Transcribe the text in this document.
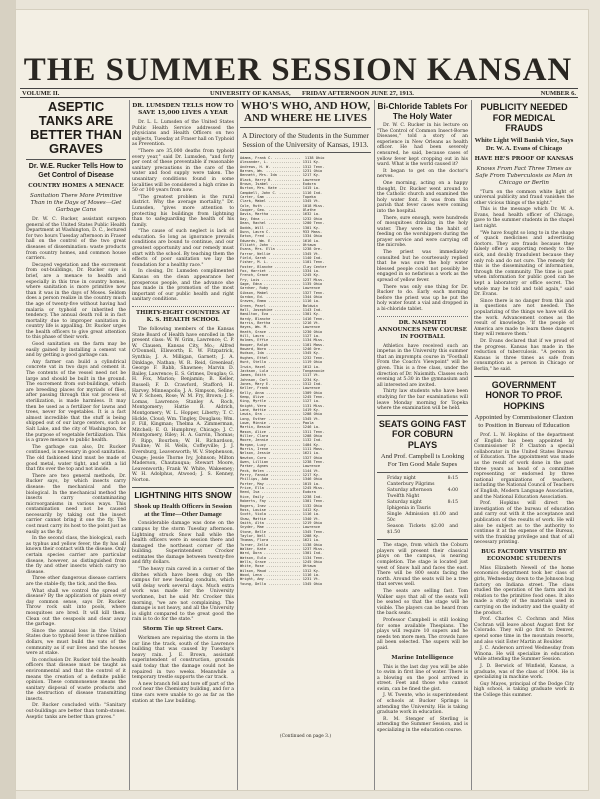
THE SUMMER SESSION KANSAN
VOLUME II.	UNIVERSITY OF KANSAS, FRIDAY AFTERNOON JUNE 27, 1913.	NUMBER 6.
ASEPTIC TANKS ARE BETTER THAN GRAVES
Dr. W.E. Rucker Tells How to Get Control of Disease
COUNTRY HOMES A MENACE
Sanitation There More Primitive Than in the Days of Moses—Get Garbage Cans

Dr. W. C. Rucker, assistant surgeon general of the United States Public Health Department at Washington, D. C., lectured for two hours Tuesday afternoon in Fraser hall on the control of the two great diseases of dissemination: waste products from country homes, and common house carriers.

Decayed vegetation and the excrement from out-buildings, Dr. Rucker says is brief, are a menace to health and especially in this true in country homes, where sanitation is more primitive now than it was in the days of Moses. Seldom does a person realize in the country much the age of twenty-five without having had malaria or typhoid or inherited the tendency. The annual death roll is in fact mortality due to improper sanitation in country life is appalling. Dr. Rucker urges the health officers to give great attention to this phase of their work.

Good sanitation on the farm may be easily gained by installing a cement vat and by getting a good garbage can.

Any farmer can build a cylindrical concrete vat in two days and cement it. The contents of the vessel need not be large and should be built in the ground. The excrement from out-buildings, which are breeding places for myriads of flies, after passing through this vat process of sterilization, is made harmless. It may then be used as a fertilizer for lawns and trees, never for vegetables. It is a fact almost incredible that the stuff is being shipped out of our large centers, such as Salt Lake, and the city of Washington, for the purpose of vegetable fertilization. This is a grave menace to public health.

The garbage can also, Dr. Rucker continued, is necessary in good sanitation. The old fashioned kind must be made of good metal, water tight, and with a lid that fits over the top and not inside.

There are two general methods, Dr. Rucker says, by which insects carry disease: the mechanical and the biological. In the mechanical method the insects carry contaminating microorganisms in various ways. This contamination need not be caused necessarily by taking out the insect carrier cannot bring it one the fly. The cost must carry its host to the point just as easily as the fly.

In the second class, the biological, such as typhus and yellow fever, the fly has all known their contact with the disease. Only certain species carrier are particular disease, however, as distinguished from the fly and other insects which carry no disease.

Three other dangerous disease carriers are the stable-fly, the tick, and the flea.

What shall we control the spread of disease? By the application of plain every day common sense, says Dr. Rucker. Throw rock salt into pools, where mosquitoes are bred. It will kill them. Clean out the cesspools and clear away the garbage.

Since the annual loss in the United States due to typhoid fever is three million dollars, we must build the vats of the community as if our lives and the houses were at stake.

In conclusion Dr. Rucker told the health officers that disease must be taught as environmental and that the control of it means the creation of a definite public opinion. These commonsense means the sanitary disposal of waste products and the destruction of disease transmitting insects.

Dr. Rucker concluded with: "Sanitary out-buildings are better than tomb-stones. Aseptic tanks are better than graves."

DR. LUMSDEN TELLS HOW TO SAVE 15,000 LIVES A YEAR

Dr. L. L. Lumsden of the United States Public Health Service addressed the physicians and Health Officers on two subjects, Tuesday at Fraser hall on Typhoid as Prevention.

"There are 35,000 deaths from typhoid every year," said Dr. Lumsden, "and forty per cent of these preventable if reasonable sanitary precautions in the care of the water and food supply were taken. The unsanitary conditions found in some localities will be considered a high crime in 50 or 100 years from now.

"The greatest problem is the rural district. Why the average mortality," Dr. Lumsden, "gives more attention to protecting his buildings from lightning than to safeguarding the health of his family.

"The cause of such neglect is lack of education. So long as ignorance prevails conditions are bound to continue, and our greatest opportunity and our remedy must start with the school. By teaching them the effects of poor sanitation we lay the foundation for a healthy race."

In closing, Dr. Lumsden complimented Kansas on the clean appearance her prosperous people, and the advance she has made in the promotion of the most important of our public health and right sanitary conditions.

THIRTY-EIGHT COUNTIES AT K. S. HEALTH SCHOOL

The following members of the Kansas State Board of Health have enrolled in the present class: W. W. Grim, Lawrence; C. P. W. Clausen, Kansas City, Mo.; Alfred O'Donnell, Ellsworth; E. W. Fitzpatrick, Synthia; J. A. Milligan, Garnett; J. A. Dinklage, Nathan; W. R. Reid, Greenleaf; George F. Rabb, Shawnee; Marvin D. Bailey, Lawrence; E. S. Grimes, Douglas; G. H. Fox, Marion; Benjamin; B. Keller, Russell; F. D. Crawford, Stafford; H. Harvey, Minneapolis; J. A. Simpson, Seline; W. F. Schoen, Rose; W. M. Fry, Brown; J. S. Lomas, Lawrence; Stanley A. Roch, Montgomery; Hattie B. Aldrich, Montgomery; W. L. Hopper, Liberty; T. C. Hickle, Cloud; Wm. Tingley, Douglass; Wm. F. Fill, Kingman; Thelma A. Zimmerman, Mitchell; E. O. Humphrey, Chicago; J. C. Montgomery, Riley; H. A. Garvin, Thomas; F. Ripp, Bourbon; W. H. Richardson, Pauline; W. H. Wells, Coffeyville; J. J. Eversburg, Leavenworth; W. V. Stephenson, Osage; Jessie Thorne Ivy, Johnson; Milton Maderson, Chautauqua; Stewart Moore, Leavenworth; Frank W. White, Wakeeney; W. H. Adolphus, Atwood; J. S. Kenney, Norton.

LIGHTNING HITS SNOW
Shook up Health Officers in Session at the Time—Other Damage

Considerable damage was done on the campus by the storm Tuesday afternoon. Lightning struck Snow hall while the health officers were in session there and damaged the northeast corner of the building. Superintendent Crocker estimates the damage between twenty-five and fifty dollars.

"The heavy rain caved in a corner of the ditches which have been dug on the campus for new heating conduits, which will delay work several days. Much extra work was made for the University workmen, but he said Mr. Crocker this morning, "we are not complaining. The damage is not heavy, and all the University is slight compared to the great good the rain is to do for the state."

Storm Tie up Street Cars.

Workmen are repairing the storm in the car line the track, south of the Lawrence building that was caused by Tuesday's heavy rain. J. E. Brown, assistant superintendent of construction, grounds said today that the damage could not be repaired in two weeks. Meanwhile a temporary trestle supports the car track.

A new branch fell and tore off part of the roof near the Chemistry building, and for a time cars were unable to go as far as the station at the Law building.

WHO'S WHO, AND HOW, AND WHERE HE LIVES
A Directory of the Students in the Summer Session of the University of Kansas, 1913.
Adams, Frank C. ............  1138 Ohio
Alexander, L. .............. 1311 Ky.
Andrews, H. W. ............. 1312 Tenn.
Barnes, Wm. ................ 1231 Ohio
Bennett, Mrs. Ida .......... 1217 Ky.
Black, Harry B. ............ Lawrence
Brown, Isabel .............. Eudora
Burton, Mrs. Kate .......... 1415 La.
Campbell, John C. .......... 1116 Ind.
Carter, Sam ................ Topeka
Clark, Mabel ............... 1345 Vt.
Cole, Ruth ................. 1018 Miss.
Cooper, Geo. ............... Olathe
Davis, Martha .............. 1632 La.
Day, Edna .................. 1232 Ohio
Dean, Rachel ............... 1200 Tenn.
Dodds, Will ................ 1301 Ky.
Dunn, Laura C. ............. 933 Mass.
Eaton, Fred ................ 1334 Ohio
Edwards, Wm. E. ............ 1616 La.
Elliott, John .............. Ottawa
Evans, Mrs. Ella ........... 1238 Ore.
Farrar, Nellie ............. 1345 Vt.
Field, Sarah ............... 1140 Ind.
Fisher, M. L. .............. 1101 Tenn.
Foster, Blanche ............ Clay Center
Fox, Harriet ............... 1334 La.
French, Grace .............. 1245 Ky.
Fry, Lois .................. 1237 Miss.
Gage, Edna ................. 1135 Ohio
Gardner, Ruby .............. Lawrence
Gibson, Mabel .............. 1327 Tenn.
Gordon, Ed. ................ 1344 Ohio
Graves, Emma ............... 1116 La.
Green, Pearl ............... Baldwin
Hall, Josephine ............ 1143 Ind.
Hamilton, Eva .............. 1301 Ky.
Hardy, Blanche ............. 1416 Tenn.
Harris, Bertha ............. 1216 Vt.
Hayes, Wm. M. .............. Lawrence
Heath, Grace ............... 1230 Ohio
Hill, Laura ................ 1127 La.
Holmes, Effie .............. 1134 Miss.
Hooper, Ralph .............. 1101 Mass.
Howard, Nora ............... 1246 Ore.
Hudson, Ida ................ 1345 Ky.
Hughes, Ethel .............. 1232 Tenn.
Hunt, Stella ............... 1119 Ohio
Irwin, Hazel ............... 1612 La.
Jackson, Lula .............. Tonganoxie
James, Edith ............... 1117 Vt.
Johnson, Carl .............. 1234 Ky.
Jones, Mary E. ............. 1312 Ind.
Keller, Frank .............. Lawrence
Kelly, Anna ................ 1309 Ohio
Kemp, Olive ................ 1245 Tenn.
King, Myrtle ............... 1127 La.
Knight, Vera ............... 1131 Miss.
Lane, Hattie ............... 1419 Ky.
Lewis, Ora ................. 1208 Ohio
Long, Esther ............... 1345 Vt.
Lowe, Minnie ............... Paola
Martin, Bessie ............. 1246 La.
Mason, Alice ............... 1311 Tenn.
Miller, Clara .............. 1208 Ohio
Moore, Jennie .............. 1132 Ind.
Morgan, Lucy ............... 1404 Ky.
Morris, Irene .............. 1111 Mass.
Nelson, Jessie ............. 1621 La.
Newton, Cora ............... 1327 Ohio
Owen, Lillian .............. 1238 Tenn.
Parker, Agnes .............. Lawrence
Peck, Helen ................ 1144 Vt.
Perry, Fannie .............. 1217 Ky.
Phillips, Ada .............. 1346 Ohio
Porter, May ................ 1015 La.
Price, Ella ................ 1245 Miss.
Reed, Iva .................. Eudora
Rice, Emily ................ 1238 Ind.
Roberts, Fay ............... 1301 Tenn.
Rogers, Inez ............... 1132 Ohio
Ross, Louise ............... 1412 Ky.
Scott, Viola ............... 1116 La.
Shaw, Mattie ............... 1340 Vt.
Smith, Alta ................ 1219 Ohio
Snyder, Mae ................ Lawrence
Stone, Belle ............... 1345 Tenn.
Taylor, Nell ............... 1208 Ky.
Thomas, Flora .............. 1621 La.
Turner, Zella .............. 1138 Ohio
Walker, Kate ............... 1237 Miss.
Ward, Dora ................. 1301 Ind.
Watson, Eula ............... 1134 Tenn.
Wells, Grace ............... 1245 Ohio
White, Rose ................ Ottawa
Wilson, Maud ............... 1312 Ky.
Wood, Lena ................. 1116 La.
Wright, Amy ................ 1231 Vt.
Young, Della ............... 1345 Ohio
(Continued on page 3.)
Bi-Chloride Tablets For The Holy Water

Dr. W. C. Rucker in his lecture on "The Control of Common Insect-Borne Diseases," told a story of an experience in New Orleans as health officer. He had been severely censured, he said, because cases of yellow fever kept cropping out in his ward. What is the world caused it?

It began to get on the doctor's nerves.

One morning, acting on a happy thought, Dr. Rucker went around to the Catholic church and examined the holy water font. It was from this parish that fever cases were coming into the hospital.

There, sure enough, were hundreds of mosquitoes drinking in the holy water. They were in the habit of feeding on the worshippers during the prayer service and were carrying off the microbe.

The priest was immediately consulted but he courteously replied that he was sure the holy water blessed people could not possibly be engaged in so nefarious a work as the spread of yellow fever.

There was only one thing for Dr. Rucker to do. Early each morning before the priest was up he put the holy water fount a vial and dropped in a bi-chloride tablet.

DR. NAISMITH ANNOUNCES NEW COURSE IN FOOTBALL

Athletics have received such an impetus in the University this summer that an impromptu course in "Football From the Coach's Viewpoint" will be given. This is a free class, under the direction of Dr. Naismith. Classes each evening at 5:30 in the gymnasium and all interested are invited.

Thirty law students who have been studying for the bar examinations will leave Monday morning for Topeka where the examination will be held.

SEATS GOING FAST FOR COBURN PLAYS
And Prof. Campbell is Looking For Ten Good Male Supes
Friday night	8:15
Canterbury Pilgrims
Saturday afternoon	4:00
Twelfth Night
Saturday night	8:15
Iphigenia in Tauris
Single Admission $1.00 and 50c
Season Tickets $2.00 and $1.50

The stage, from which the Coburn players will present their classical plays on the campus, is nearing completion. The stage is located just west of Snow hall and faces the east. There will be 800 seats facing the north. Around the seats will be a tree that serves well.

The seats are selling fast. Tom Walker says that all of the seats will be seated so that the stage will be visible. The players can be heard from the back seats.

Professor Campbell is still looking for some available Thespians. The plays will require 10 supers and he needs ten more men. The crowds have all been selected. The supers will be paid.

Marine Intelligence

This is the last day you will be able to swim in first line of water. There is a blowing on the pool arrived in street. Feet and those who cannot swim, can be fined the gist.

J. W. Twente, who is superintendent of schools at Bucker Springs is attending the University. His is taking graduate work in education.

R. M. Stenger of Sterling is attending the Summer Session, and is specializing in the education course.

PUBLICITY NEEDED FOR MEDICAL FRAUDS
White Light Will Banish Vice, Says Dr. W. A. Evans of Chicago
HAVE HE'S PROOF OF KANSAS
Knows From Fact Three Times as Safe From Tuberculosis as Man in Chicago or Berlin

"Turn on the common white light of universal publicity and fraud vanishes the other vicious things of the night."

This is the message which Dr. W. A. Evans, head health officer of Chicago, gave to the summer students in the chapel last night.

"We have fought so long to in the shape of quack medicines and advertising doctors. They are frauds because they falsely offer a supporting remedy to the sick, and doubly fraudulent because they only rob and do not cure. The remedy for this is the disseminating of information, through the community. The time is past when information for public good can be kept a laboratory or office secret. The whole may be told and told again," said Dr. Evans.

Since there is no danger from this and in questions are not needed. The popularizing of the things we have will do the work. Advancement comes as the result of knowledge. 'If the people of America are made to learn these dangers they will remove them.'

Dr. Evans declared that if we proud of the progress. Kansas has made in the reduction of tuberculosis. "A person in Kansas is three times as safe from consumption as a person in Chicago or Berlin," he said.

GOVERNMENT HONOR TO PROF. HOPKINS
Appointed by Commissioner Claxton to Position in Bureau of Education

Prof. L. W. Hopkins of the department of English has been appointed by Commissioner P. P. Claxton a special collaborator in the United States Bureau of Education. The appointment was made as the result of work done in the past three years as head of a committee representing or endorsed by three national organizations of teachers, including the National Council of Teachers of English, Modern Language Association, and the National Education Association.

Prof. Hopkins will direct the investigation of the bureau of education and carry out with it the acceptance and publication of the results of work. He will also be subject as to the authority to continue it at the expense of the Bureau, with the franking privilege and that of all necessary printing.

BUG FACTORY VISITED BY ECONOMIC STUDENTS

Miss Elizabeth Newell of the home economics department took her class of girls, Wednesday, down to the Johnson bug factory on Indiana street. The class studied the operation of the farm and its relation to the primitive food ones. It also made a study of the materials used in carrying on the industry and the quality of the product.

Prof. Charles C. Cochran and Miss Cochran will leave about August first for Colorado. They will go first to Denver, spend some time in the mountain resorts, and also visit Ester Martin at Boulder.

J. C. Anderson arrived Wednesday from Winona. He will specialize in education while attending the Summer Session.

J. D. Berwick of Winfield, Kansas, a graduate, was of the class of 1904. He is specializing in machine work.

Guy Mayes, principal of the Dodge City high school, is taking graduate work in the College this summer.
